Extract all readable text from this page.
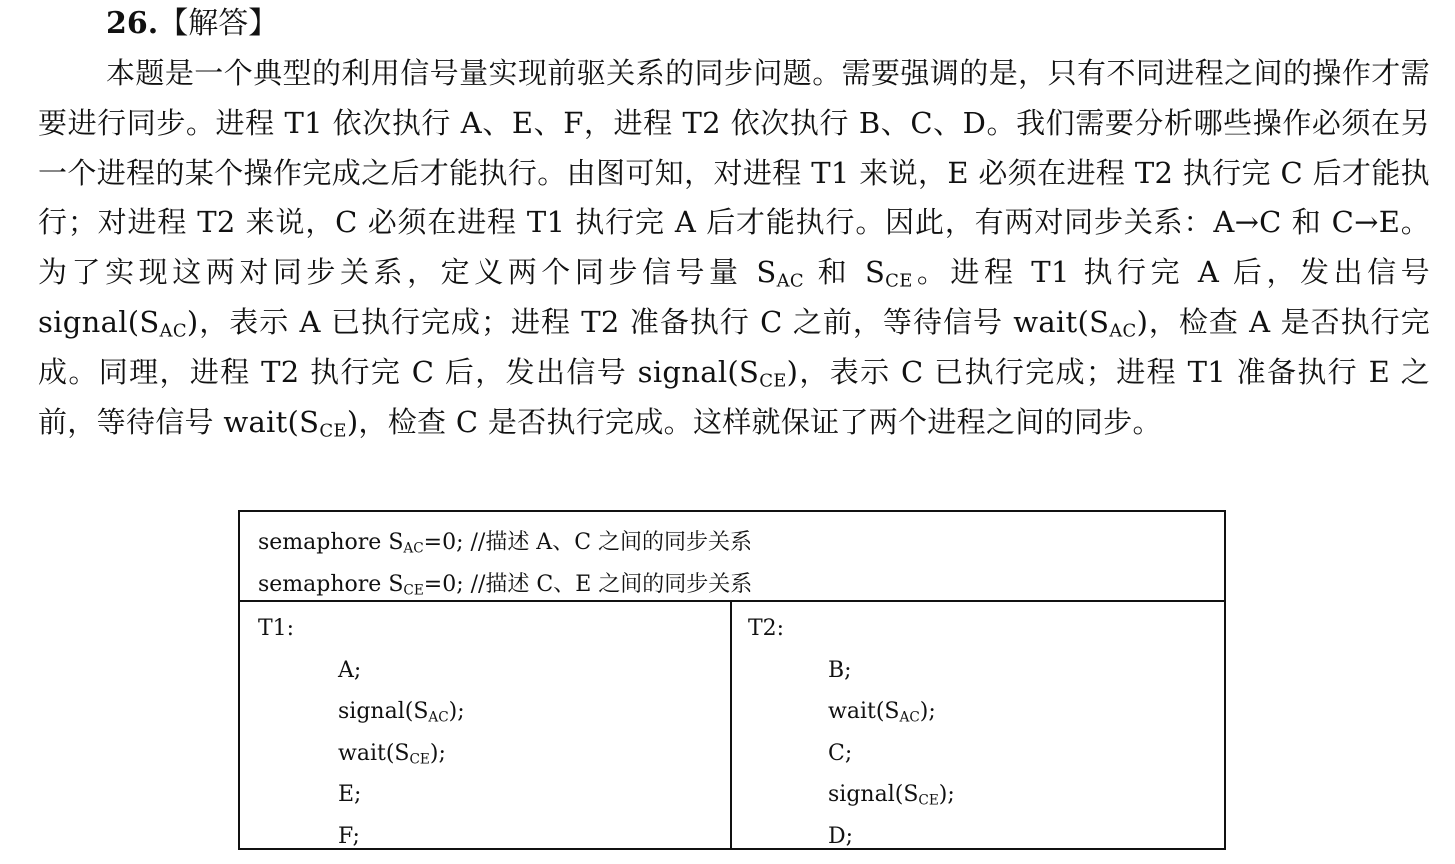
26.【解答】
本题是一个典型的利用信号量实现前驱关系的同步问题。需要强调的是，只有不同进程之间的操作才需要进行同步。进程 T1 依次执行 A、E、F，进程 T2 依次执行 B、C、D。我们需要分析哪些操作必须在另一个进程的某个操作完成之后才能执行。由图可知，对进程 T1 来说，E 必须在进程 T2 执行完 C 后才能执行；对进程 T2 来说，C 必须在进程 T1 执行完 A 后才能执行。因此，有两对同步关系：A→C 和 C→E。为了实现这两对同步关系，定义两个同步信号量 $S_{AC}$ 和 $S_{CE}$。进程 T1 执行完 A 后，发出信号 $signal(S_{AC})$，表示 A 已执行完成；进程 T2 准备执行 C 之前，等待信号 $wait(S_{AC})$，检查 A 是否执行完成。同理，进程 T2 执行完 C 后，发出信号 $signal(S_{CE})$，表示 C 已执行完成；进程 T1 准备执行 E 之前，等待信号 $wait(S_{CE})$，检查 C 是否执行完成。这样就保证了两个进程之间的同步。
semaphore $S_{AC}=0$; //描述 A、C 之间的同步关系
semaphore $S_{CE}=0$; //描述 C、E 之间的同步关系
T1:
A;
$signal(S_{AC})$;
$wait(S_{CE})$;
E;
F;
T2:
B;
$wait(S_{AC})$;
C;
$signal(S_{CE})$;
D;
